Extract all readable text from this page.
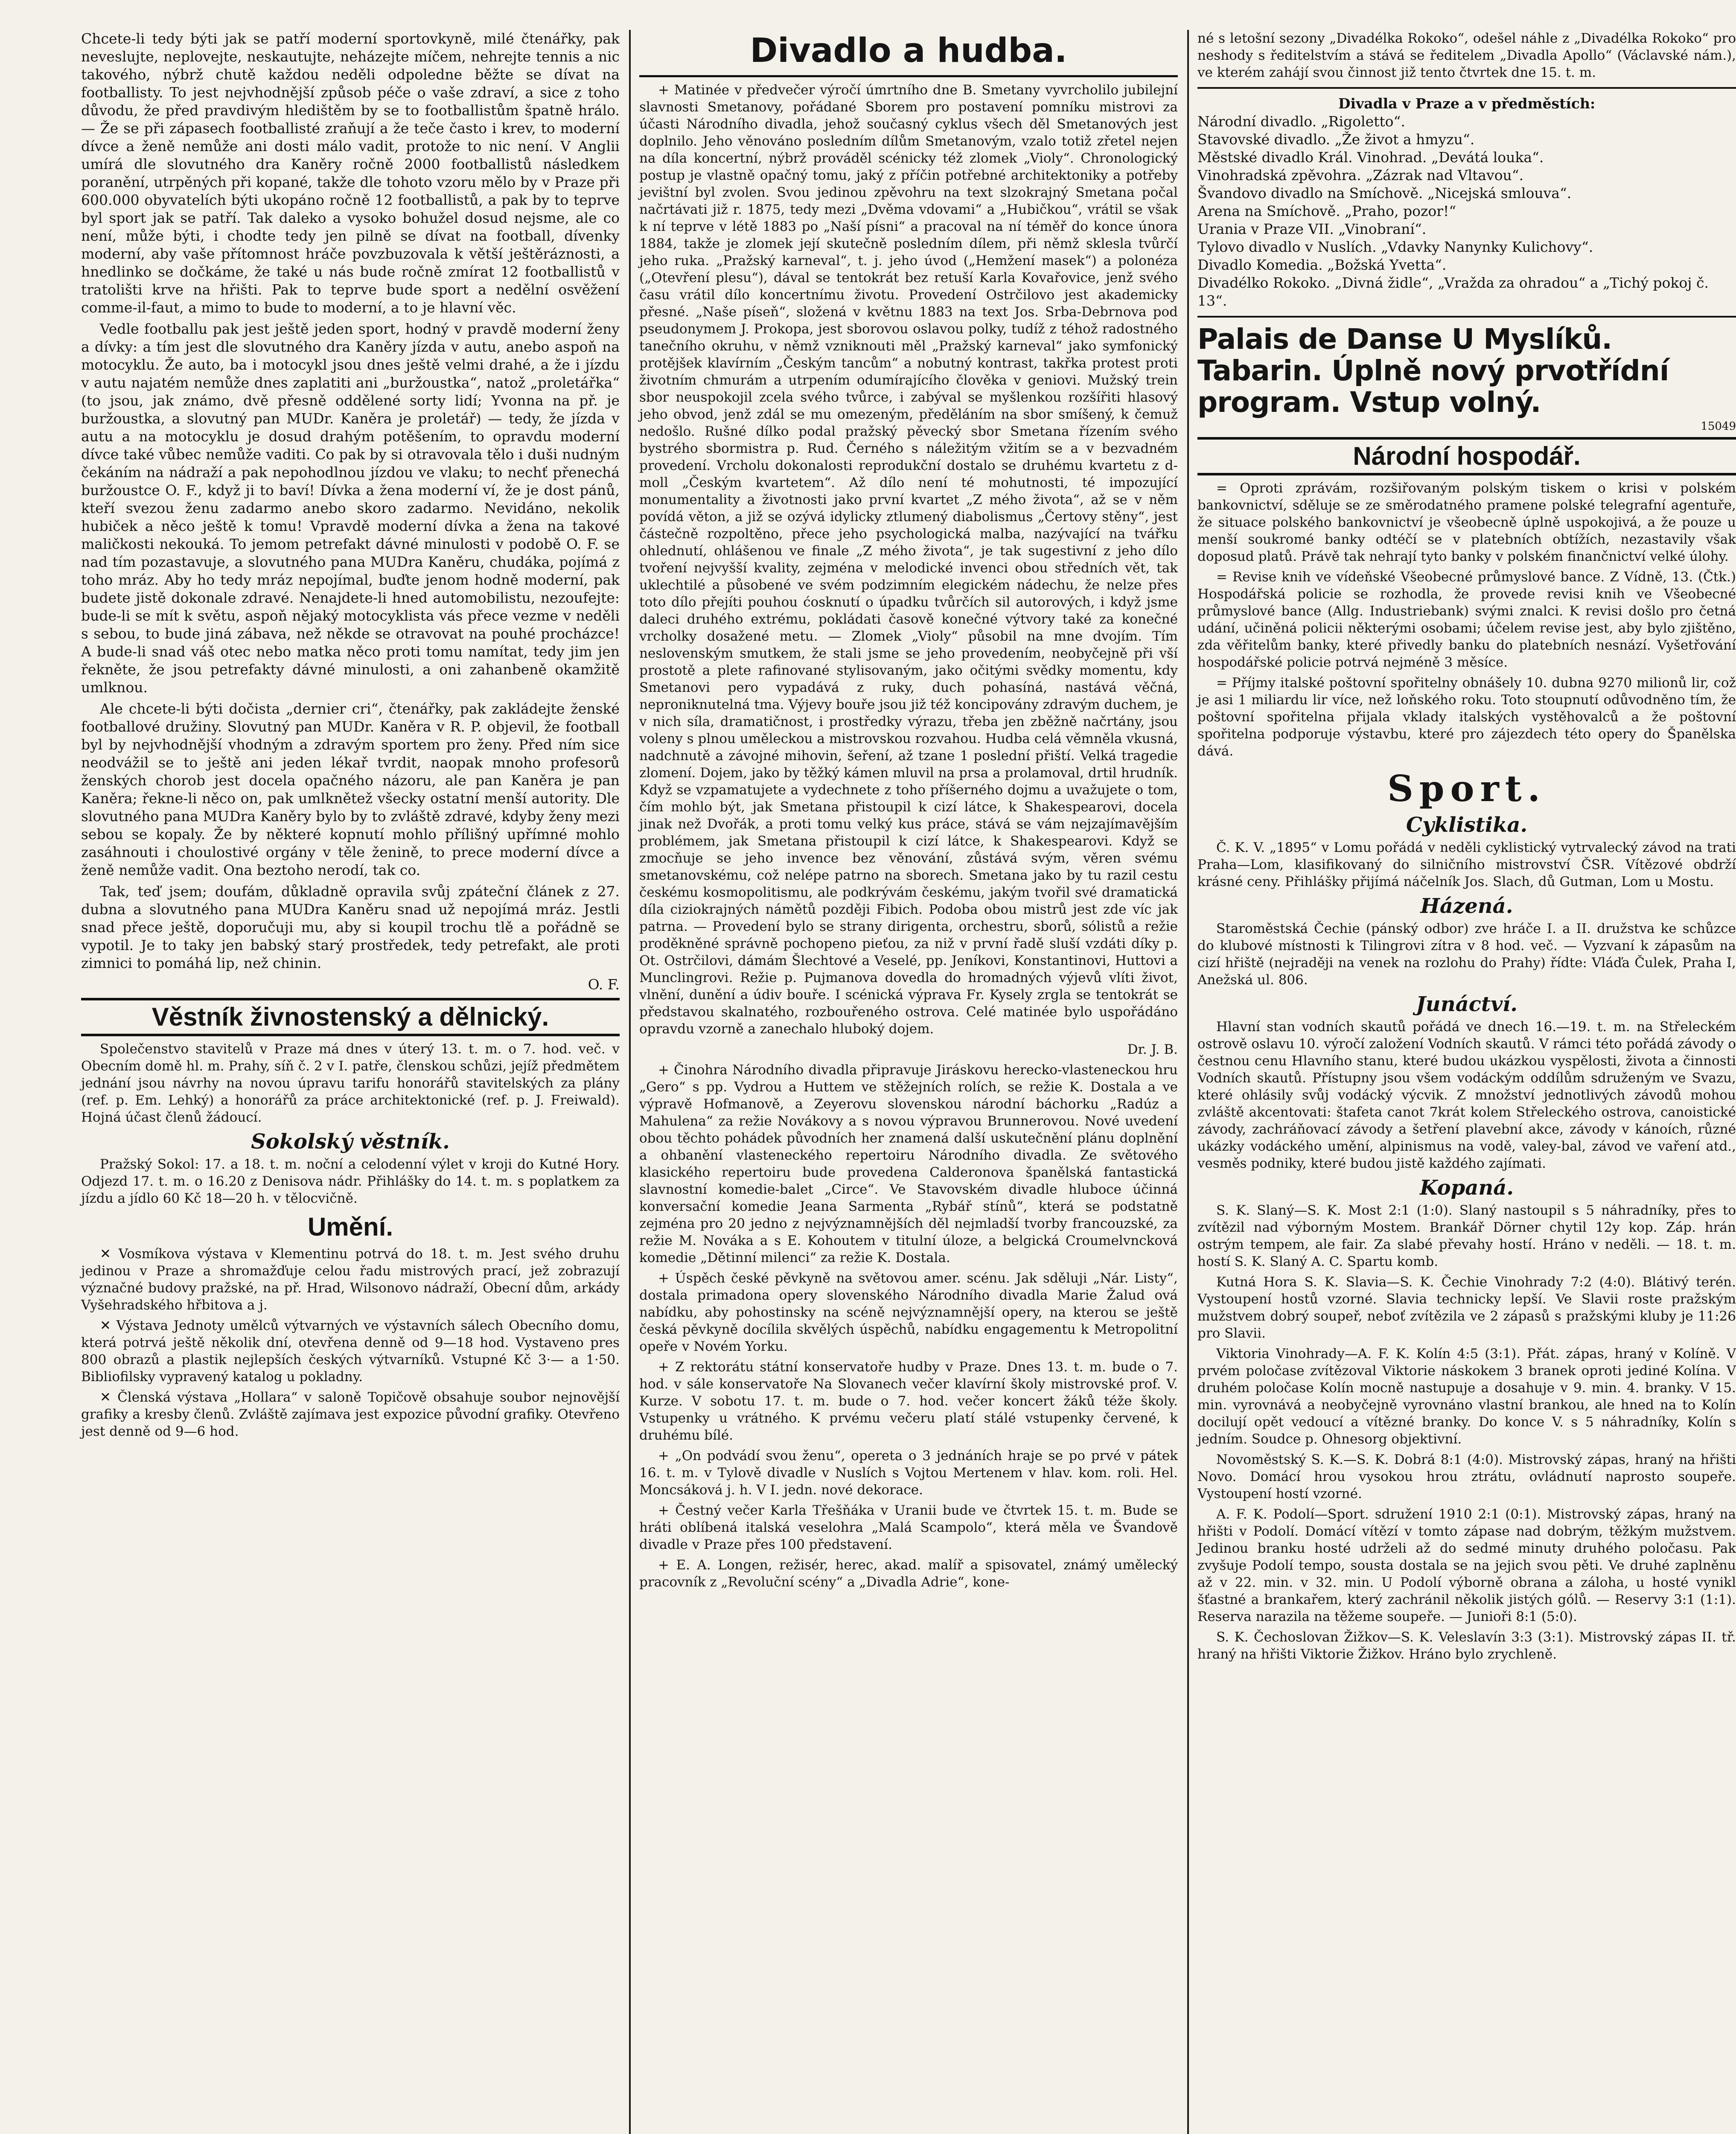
Chcete-li tedy býti jak se patří moderní sportovkyně, milé čtenářky, pak neveslujte, neplovejte, neskautujte, neházejte míčem, nehrejte tennis a nic takového, nýbrž chutě každou neděli odpoledne běžte se dívat na footballisty. To jest nejvhodnější způsob péče o vaše zdraví, a sice z toho důvodu, že před pravdivým hledištěm by se to footballistům špatně hrálo. — Že se při zápasech footballisté zraňují a že teče často i krev, to moderní dívce a ženě nemůže ani dosti málo vadit, protože to nic není. V Anglii umírá dle slovutného dra Kaněry ročně 2000 footballistů následkem poranění, utrpěných při kopané, takže dle tohoto vzoru mělo by v Praze při 600.000 obyvatelích býti ukopáno ročně 12 footballistů, a pak by to teprve byl sport jak se patří. Tak daleko a vysoko bohužel dosud nejsme, ale co není, může býti, i chodte tedy jen pilně se dívat na football, dívenky moderní, aby vaše přítomnost hráče povzbuzovala k větší ještěráznosti, a hnedlinko se dočkáme, že také u nás bude ročně zmírat 12 footballistů v tratolišti krve na hřišti. Pak to teprve bude sport a nedělní osvěžení comme-il-faut, a mimo to bude to moderní, a to je hlavní věc.

Vedle footballu pak jest ještě jeden sport, hodný v pravdě moderní ženy a dívky: a tím jest dle slovutného dra Kaněry jízda v autu, anebo aspoň na motocyklu. Že auto, ba i motocykl jsou dnes ještě velmi drahé, a že i jízdu v autu najatém nemůže dnes zaplatiti ani „buržoustka“, natož „proletářka“ (to jsou, jak známo, dvě přesně oddělené sorty lidí; Yvonna na př. je buržoustka, a slovutný pan MUDr. Kaněra je proletář) — tedy, že jízda v autu a na motocyklu je dosud drahým potěšením, to opravdu moderní dívce také vůbec nemůže vaditi. Co pak by si otravovala tělo i duši nudným čekáním na nádraží a pak nepohodlnou jízdou ve vlaku; to nechť přenechá buržoustce O. F., když ji to baví! Dívka a žena moderní ví, že je dost pánů, kteří svezou ženu zadarmo anebo skoro zadarmo. Nevidáno, nekolik hubiček a něco ještě k tomu! Vpravdě moderní dívka a žena na takové maličkosti nekouká. To jemom petrefakt dávné minulosti v podobě O. F. se nad tím pozastavuje, a slovutného pana MUDra Kaněru, chudáka, pojímá z toho mráz. Aby ho tedy mráz nepojímal, buďte jenom hodně moderní, pak budete jistě dokonale zdravé. Nenajdete-li hned automobilistu, nezoufejte: bude-li se mít k světu, aspoň nějaký motocyklista vás přece vezme v neděli s sebou, to bude jiná zábava, než někde se otravovat na pouhé procházce! A bude-li snad váš otec nebo matka něco proti tomu namítat, tedy jim jen řekněte, že jsou petrefakty dávné minulosti, a oni zahanbeně okamžitě umlknou.

Ale chcete-li býti dočista „dernier cri“, čtenářky, pak zakládejte ženské footballové družiny. Slovutný pan MUDr. Kaněra v R. P. objevil, že football byl by nejvhodnější vhodným a zdravým sportem pro ženy. Před ním sice neodvážil se to ještě ani jeden lékař tvrdit, naopak mnoho profesorů ženských chorob jest docela opačného názoru, ale pan Kaněra je pan Kaněra; řekne-li něco on, pak umlknětež všecky ostatní menší autority. Dle slovutného pana MUDra Kaněry bylo by to zvláště zdravé, kdyby ženy mezi sebou se kopaly. Že by některé kopnutí mohlo přílišný upřímné mohlo zasáhnouti i choulostivé orgány v těle ženině, to prece moderní dívce a ženě nemůže vadit. Ona beztoho nerodí, tak co.

Tak, teď jsem; doufám, důkladně opravila svůj zpáteční článek z 27. dubna a slovutného pana MUDra Kaněru snad už nepojímá mráz. Jestli snad přece ještě, doporučuji mu, aby si koupil trochu tlě a pořádně se vypotil. Je to taky jen babský starý prostředek, tedy petrefakt, ale proti zimnici to pomáhá lip, než chinin.

O. F.

Věstník živnostenský a dělnický.

Společenstvo stavitelů v Praze má dnes v úterý 13. t. m. o 7. hod. več. v Obecním domě hl. m. Prahy, síň č. 2 v I. patře, členskou schůzi, jejíž předmětem jednání jsou návrhy na novou úpravu tarifu honorářů stavitelských za plány (ref. p. Em. Lehký) a honorářů za práce architektonické (ref. p. J. Freiwald). Hojná účast členů žádoucí.

Sokolský věstník.

Pražský Sokol: 17. a 18. t. m. noční a celodenní výlet v kroji do Kutné Hory. Odjezd 17. t. m. o 16.20 z Denisova nádr. Přihlášky do 14. t. m. s poplatkem za jízdu a jídlo 60 Kč 18—20 h. v tělocvičně.

Umění.

✕ Vosmíkova výstava v Klementinu potrvá do 18. t. m. Jest svého druhu jedinou v Praze a shromažďuje celou řadu mistrových prací, jež zobrazují význačné budovy pražské, na př. Hrad, Wilsonovo nádraží, Obecní dům, arkády Vyšehradského hřbitova a j.

✕ Výstava Jednoty umělců výtvarných ve výstavních sálech Obecního domu, která potrvá ještě několik dní, otevřena denně od 9—18 hod. Vystaveno pres 800 obrazů a plastik nejlepších českých výtvarníků. Vstupné Kč 3·— a 1·50. Bibliofilsky vypravený katalog u pokladny.

✕ Členská výstava „Hollara“ v saloně Topičově obsahuje soubor nejnovější grafiky a kresby členů. Zvláště zajímava jest expozice původní grafiky. Otevřeno jest denně od 9—6 hod.

Divadlo a hudba.

+ Matinée v předvečer výročí úmrtního dne B. Smetany vyvrcholilo jubilejní slavnosti Smetanovy, pořádané Sborem pro postavení pomníku mistrovi za účasti Národního divadla, jehož současný cyklus všech děl Smetanových jest doplnilo. Jeho věnováno posledním dílům Smetanovým, vzalo totiž zřetel nejen na díla koncertní, nýbrž prováděl scénicky též zlomek „Violy“. Chronologický postup je vlastně opačný tomu, jaký z příčin potřebné architektoniky a potřeby jevištní byl zvolen. Svou jedinou zpěvohru na text slzokrajný Smetana počal načrtávati již r. 1875, tedy mezi „Dvěma vdovami“ a „Hubičkou“, vrátil se však k ní teprve v létě 1883 po „Naší písni“ a pracoval na ní téměř do konce února 1884, takže je zlomek její skutečně posledním dílem, při němž sklesla tvůrčí jeho ruka. „Pražský karneval“, t. j. jeho úvod („Hemžení masek“) a polonéza („Otevření plesu“), dával se tentokrát bez retuší Karla Kovařovice, jenž svého času vrátil dílo koncertnímu životu. Provedení Ostrčilovo jest akademicky přesné. „Naše píseň“, složená v květnu 1883 na text Jos. Srba-Debrnova pod pseudonymem J. Prokopa, jest sborovou oslavou polky, tudíž z téhož radostného tanečního okruhu, v němž vzniknouti měl „Pražský karneval“ jako symfonický protějšek klavírním „Českým tancům“ a nobutný kontrast, takřka protest proti životním chmurám a utrpením odumírajícího člověka v geniovi. Mužský trein sbor neuspokojil zcela svého tvůrce, i zabýval se myšlenkou rozšířiti hlasový jeho obvod, jenž zdál se mu omezeným, předěláním na sbor smíšený, k čemuž nedošlo. Rušné dílko podal pražský pěvecký sbor Smetana řízením svého bystrého sbormistra p. Rud. Černého s náležitým vžitím se a v bezvadném provedení. Vrcholu dokonalosti reprodukční dostalo se druhému kvartetu z d-moll „Českým kvartetem“. Až dílo není té mohutnosti, té impozující monumentality a životnosti jako první kvartet „Z mého života“, až se v něm povídá věton, a již se ozývá idylicky ztlumený diabolismus „Čertovy stěny“, jest částečně rozpoltěno, přece jeho psychologická malba, nazývající na tvářku ohlednutí, ohlášenou ve finale „Z mého života“, je tak sugestivní z jeho dílo tvoření nejvyšší kvality, zejména v melodické invenci obou středních vět, tak uklechtilé a působené ve svém podzimním elegickém nádechu, že nelze přes toto dílo přejíti pouhou ćosknutí o úpadku tvůrčích sil autorových, i když jsme daleci druhého extrému, pokládati časově konečné výtvory také za konečné vrcholky dosažené metu. — Zlomek „Violy“ působil na mne dvojím. Tím neslovenským smutkem, že stali jsme se jeho provedením, neobyčejně při vší prostotě a plete rafinované stylisovaným, jako očitými svědky momentu, kdy Smetanovi pero vypadává z ruky, duch pohasíná, nastává věčná, neproniknutelná tma. Výjevy bouře jsou již též koncipovány zdravým duchem, je v nich síla, dramatičnost, i prostředky výrazu, třeba jen zběžně načrtány, jsou voleny s plnou uměleckou a mistrovskou rozvahou. Hudba celá věmněla vkusná, nadchnutě a závojné mihovin, šeření, až tzane 1 poslední přiští. Velká tragedie zlomení. Dojem, jako by těžký kámen mluvil na prsa a prolamoval, drtil hrudník. Když se vzpamatujete a vydechnete z toho příšerného dojmu a uvažujete o tom, čím mohlo být, jak Smetana přistoupil k cizí látce, k Shakespearovi, docela jinak než Dvořák, a proti tomu velký kus práce, stává se vám nejzajímavějším problémem, jak Smetana přistoupil k cizí látce, k Shakespearovi. Když se zmocňuje se jeho invence bez věnování, zůstává svým, věren svému smetanovskému, což nelépe patrno na sborech. Smetana jako by tu razil cestu českému kosmopolitismu, ale podkrývám českému, jakým tvořil své dramatická díla ciziokrajných námětů později Fibich. Podoba obou mistrů jest zde víc jak patrna. — Provedení bylo se strany dirigenta, orchestru, sborů, sólistů a režie proděkněné správně pochopeno pieťou, za niž v první řadě sluší vzdáti díky p. Ot. Ostrčilovi, dámám Šlechtové a Veselé, pp. Jeníkovi, Konstantinovi, Huttovi a Munclingrovi. Režie p. Pujmanova dovedla do hromadných výjevů vlíti život, vlnění, dunění a údiv bouře. I scénická výprava Fr. Kysely zrgla se tentokrát se představou skalnatého, rozbouřeného ostrova. Celé matinée bylo uspořádáno opravdu vzorně a zanechalo hluboký dojem.

Dr. J. B.

+ Činohra Národního divadla připravuje Jiráskovu herecko-vlasteneckou hru „Gero“ s pp. Vydrou a Huttem ve stěžejních rolích, se režie K. Dostala a ve výpravě Hofmanově, a Zeyerovu slovenskou národní báchorku „Radúz a Mahulena“ za režie Novákovy a s novou výpravou Brunnerovou. Nové uvedení obou těchto pohádek původních her znamená další uskutečnění plánu doplnění a ohbanění vlasteneckého repertoiru Národního divadla. Ze světového klasického repertoiru bude provedena Calderonova španělská fantastická slavnostní komedie-balet „Circe“. Ve Stavovském divadle hluboce účinná konversační komedie Jeana Sarmenta „Rybář stínů“, která se podstatně zejména pro 20 jedno z nejvýznamnějších děl nejmladší tvorby francouzské, za režie M. Nováka a s E. Kohoutem v titulní úloze, a belgická Croumelvncková komedie „Dětinní milenci“ za režie K. Dostala.

+ Úspěch české pěvkyně na světovou amer. scénu. Jak sděluji „Nár. Listy“, dostala primadona opery slovenského Národního divadla Marie Žalud ová nabídku, aby pohostinsky na scéně nejvýznamnější opery, na kterou se ještě česká pěvkyně docílila skvělých úspěchů, nabídku engagementu k Metropolitní opeře v Novém Yorku.

+ Z rektorátu státní konservatoře hudby v Praze. Dnes 13. t. m. bude o 7. hod. v sále konservatoře Na Slovanech večer klavírní školy mistrovské prof. V. Kurze. V sobotu 17. t. m. bude o 7. hod. večer koncert žáků téže školy. Vstupenky u vrátného. K prvému večeru platí stálé vstupenky červené, k druhému bílé.

+ „On podvádí svou ženu“, opereta o 3 jednáních hraje se po prvé v pátek 16. t. m. v Tylově divadle v Nuslích s Vojtou Mertenem v hlav. kom. roli. Hel. Moncsáková j. h. V I. jedn. nové dekorace.

+ Čestný večer Karla Třešňáka v Uranii bude ve čtvrtek 15. t. m. Bude se hráti oblíbená italská veselohra „Malá Scampolo“, která měla ve Švandově divadle v Praze přes 100 představení.

+ E. A. Longen, režisér, herec, akad. malíř a spisovatel, známý umělecký pracovník z „Revoluční scény“ a „Divadla Adrie“, kone-

né s letošní sezony „Divadélka Rokoko“, odešel náhle z „Divadélka Rokoko“ pro neshody s ředitelstvím a stává se ředitelem „Divadla Apollo“ (Václavské nám.), ve kterém zahájí svou činnost již tento čtvrtek dne 15. t. m.

Divadla v Praze a v předměstích:
Národní divadlo. „Rigoletto“.
Stavovské divadlo. „Že život a hmyzu“.
Městské divadlo Král. Vinohrad. „Devátá louka“.
Vinohradská zpěvohra. „Zázrak nad Vltavou“.
Švandovo divadlo na Smíchově. „Nicejská smlouva“.
Arena na Smíchově. „Praho, pozor!“
Urania v Praze VII. „Vinobraní“.
Tylovo divadlo v Nuslích. „Vdavky Nanynky Kulichovy“.
Divadlo Komedia. „Božská Yvetta“.
Divadélko Rokoko. „Divná židle“, „Vražda za ohradou“ a „Tichý pokoj č. 13“.
Palais de Danse U Myslíků. Tabarin. Úplně nový prvotřídní program. Vstup volný.
15049
Národní hospodář.

= Oproti zprávám, rozšiřovaným polským tiskem o krisi v polském bankovnictví, sděluje se ze směrodatného pramene polské telegrafní agentuře, že situace polského bankovnictví je všeobecně úplně uspokojivá, a že pouze u menší soukromé banky odtéčí se v platebních obtížích, nezastavily však doposud platů. Právě tak nehrají tyto banky v polském finančnictví velké úlohy.

= Revise knih ve vídeňské Všeobecné průmyslové bance. Z Vídně, 13. (Čtk.) Hospodářská policie se rozhodla, že provede revisi knih ve Všeobecné průmyslové bance (Allg. Industriebank) svými znalci. K revisi došlo pro četná udání, učiněná policii některými osobami; účelem revise jest, aby bylo zjištěno, zda věřitelům banky, které přivedly banku do platebních nesnází. Vyšetřování hospodářské policie potrvá nejméně 3 měsíce.

= Příjmy italské poštovní spořitelny obnášely 10. dubna 9270 milionů lir, což je asi 1 miliardu lir více, než loňského roku. Toto stoupnutí odůvodněno tím, že poštovní spořitelna přijala vklady italských vystěhovalců a že poštovní spořitelna podporuje výstavbu, které pro zájezdech této opery do Španělska dává.

Sport.
Cyklistika.

Č. K. V. „1895“ v Lomu pořádá v neděli cyklistický vytrvalecký závod na trati Praha—Lom, klasifikovaný do silničního mistrovství ČSR. Vítězové obdrží krásné ceny. Přihlášky přijímá náčelník Jos. Slach, dů Gutman, Lom u Mostu.

Házená.

Staroměstská Čechie (pánský odbor) zve hráče I. a II. družstva ke schůzce do klubové místnosti k Tilingrovi zítra v 8 hod. več. — Vyzvaní k zápasům na cizí hřiště (nejraději na venek na rozlohu do Prahy) řídte: Vláďa Čulek, Praha I, Anežská ul. 806.

Junáctví.

Hlavní stan vodních skautů pořádá ve dnech 16.—19. t. m. na Střeleckém ostrově oslavu 10. výročí založení Vodních skautů. V rámci této pořádá závody o čestnou cenu Hlavního stanu, které budou ukázkou vyspělosti, života a činnosti Vodních skautů. Přístupny jsou všem vodáckým oddílům sdruženým ve Svazu, které ohlásily svůj vodácký výcvik. Z množství jednotlivých závodů mohou zvláště akcentovati: štafeta canot 7krát kolem Střeleckého ostrova, canoistické závody, zachráňovací závody a šetření plavební akce, závody v kánoích, různé ukázky vodáckého umění, alpinismus na vodě, valey-bal, závod ve vaření atd., vesměs podniky, které budou jistě každého zajímati.

Kopaná.

S. K. Slaný—S. K. Most 2:1 (1:0). Slaný nastoupil s 5 náhradníky, přes to zvítězil nad výborným Mostem. Brankář Dörner chytil 12y kop. Záp. hrán ostrým tempem, ale fair. Za slabé převahy hostí. Hráno v neděli. — 18. t. m. hostí S. K. Slaný A. C. Spartu komb.

Kutná Hora S. K. Slavia—S. K. Čechie Vinohrady 7:2 (4:0). Blátivý terén. Vystoupení hostů vzorné. Slavia technicky lepší. Ve Slavii roste pražským mužstvem dobrý soupeř, neboť zvítězila ve 2 zápasů s pražskými kluby je 11:26 pro Slavii.

Viktoria Vinohrady—A. F. K. Kolín 4:5 (3:1). Přát. zápas, hraný v Kolíně. V prvém poločase zvítězoval Viktorie náskokem 3 branek oproti jediné Kolína. V druhém poločase Kolín mocně nastupuje a dosahuje v 9. min. 4. branky. V 15. min. vyrovnává a neobyčejně vyrovnáno vlastní brankou, ale hned na to Kolín docilují opět vedoucí a vítězné branky. Do konce V. s 5 náhradníky, Kolín s jedním. Soudce p. Ohnesorg objektivní.

Novoměstský S. K.—S. K. Dobrá 8:1 (4:0). Mistrovský zápas, hraný na hřišti Novo. Domácí hrou vysokou hrou ztrátu, ovládnutí naprosto soupeře. Vystoupení hostí vzorné.

A. F. K. Podolí—Sport. sdružení 1910 2:1 (0:1). Mistrovský zápas, hraný na hřišti v Podolí. Domácí vítězí v tomto zápase nad dobrým, těžkým mužstvem. Jedinou branku hosté udrželi až do sedmé minuty druhého poločasu. Pak zvyšuje Podolí tempo, sousta dostala se na jejich svou pěti. Ve druhé zaplněnu až v 22. min. v 32. min. U Podolí výborně obrana a záloha, u hosté vynikl šťastné a brankařem, který zachránil několik jistých gólů. — Reservy 3:1 (1:1). Reserva narazila na těžeme soupeře. — Junioři 8:1 (5:0).

S. K. Čechoslovan Žižkov—S. K. Veleslavín 3:3 (3:1). Mistrovský zápas II. tř. hraný na hřišti Viktorie Žižkov. Hráno bylo zrychleně.
